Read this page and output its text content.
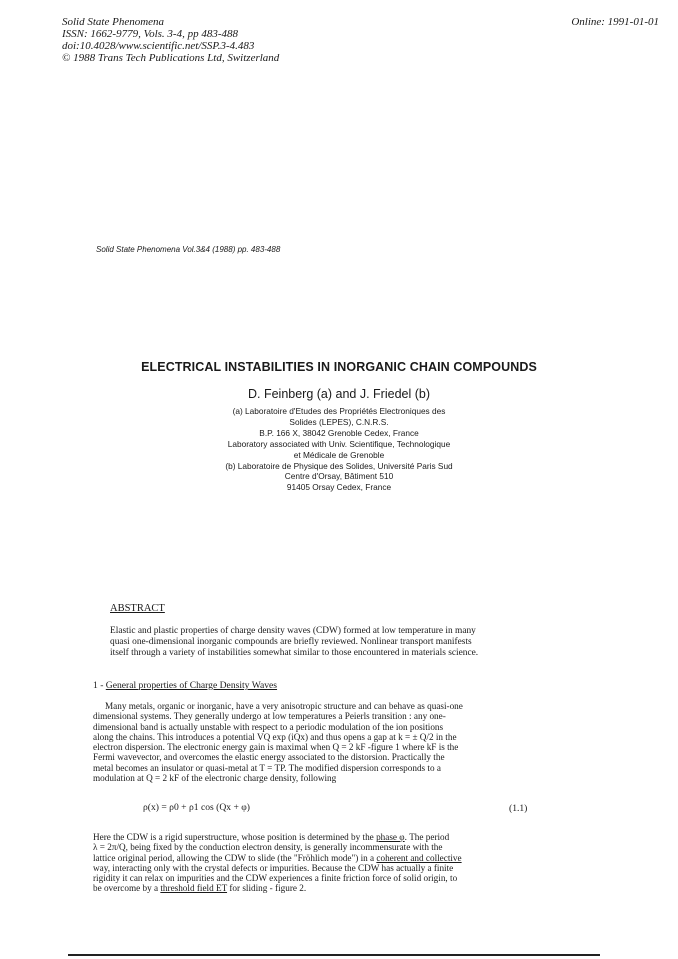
Solid State Phenomena
ISSN: 1662-9779, Vols. 3-4, pp 483-488
doi:10.4028/www.scientific.net/SSP.3-4.483
© 1988 Trans Tech Publications Ltd, Switzerland
Online: 1991-01-01
Solid State Phenomena Vol.3&4 (1988) pp. 483-488
ELECTRICAL INSTABILITIES IN INORGANIC CHAIN COMPOUNDS
D. Feinberg (a) and J. Friedel (b)
(a) Laboratoire d'Etudes des Propriétés Electroniques des
Solides (LEPES), C.N.R.S.
B.P. 166 X, 38042 Grenoble Cedex, France
Laboratory associated with Univ. Scientifique, Technologique
et Médicale de Grenoble
(b) Laboratoire de Physique des Solides, Université Paris Sud
Centre d'Orsay, Bâtiment 510
91405 Orsay Cedex, France
ABSTRACT
Elastic and plastic properties of charge density waves (CDW) formed at low temperature in many
quasi one-dimensional inorganic compounds are briefly reviewed. Nonlinear transport manifests
itself through a variety of instabilities somewhat similar to those encountered in materials science.
1 - General properties of Charge Density Waves
Many metals, organic or inorganic, have a very anisotropic structure and can behave as quasi-one
dimensional systems. They generally undergo at low temperatures a Peierls transition : any one-
dimensional band is actually unstable with respect to a periodic modulation of the ion positions
along the chains. This introduces a potential VQ exp (iQx) and thus opens a gap at k = ± Q/2 in the
electron dispersion. The electronic energy gain is maximal when Q = 2 kF -figure 1 where kF is the
Fermi wavevector, and overcomes the elastic energy associated to the distorsion. Practically the
metal becomes an insulator or quasi-metal at T = TP. The modified dispersion corresponds to a
modulation at Q = 2 kF of the electronic charge density, following
ρ(x) = ρ0 + ρ1 cos (Qx + φ)	(1.1)
Here the CDW is a rigid superstructure, whose position is determined by the phase φ. The period
λ = 2π/Q, being fixed by the conduction electron density, is generally incommensurate with the
lattice original period, allowing the CDW to slide (the "Fröhlich mode") in a coherent and collective
way, interacting only with the crystal defects or impurities. Because the CDW has actually a finite
rigidity it can relax on impurities and the CDW experiences a finite friction force of solid origin, to
be overcome by a threshold field ET for sliding - figure 2.
